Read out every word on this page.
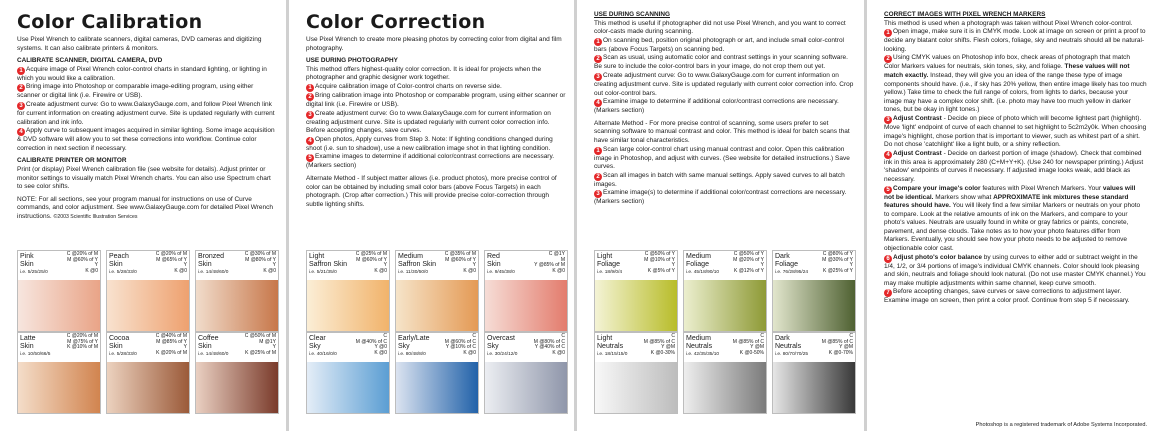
Color Calibration

Use Pixel Wrench to calibrate scanners, digital cameras, DVD cameras and digitizing systems. It can also calibrate printers & monitors.

CALIBRATE SCANNER, DIGITAL CAMERA, DVD

1 Acquire image of Pixel Wrench color-control charts in standard lighting, or lighting in which you would like a calibration.

2 Bring image into Photoshop or comparable image-editing program, using either scanner or digital link (i.e. Firewire or USB).

3 Create adjustment curve: Go to www.GalaxyGauge.com, and follow Pixel Wrench link for current information on creating adjustment curve. Site is updated regularly with current calibration and ink info.

4 Apply curve to subsequent images acquired in similar lighting. Some image acquisition & DVD software will allow you to set these corrections into workflow. Continue color correction in next section if necessary.

CALIBRATE PRINTER OR MONITOR

Print (or display) Pixel Wrench calibration file (see website for details). Adjust printer or monitor settings to visually match Pixel Wrench charts. You can also use Spectrum chart to see color shifts.

NOTE: For all sections, see your program manual for instructions on use of Curve commands, and color adjustment. See www.GalaxyGauge.com for detailed Pixel Wrench instructions. ©2003 Scientific Illustration Services

Pink
Skin
C @20% of M
M @60% of Y
Y
K @0
i.e. 5/25/25/0
Peach
Skin
C @20% of M
M @65% of Y
Y
K @0
i.e. 5/28/33/0
Bronzed
Skin
C @30% of M
M @80% of Y
Y
K @0
i.e. 14/48/60/0
Latte
Skin
C @20% of M
M @75% of Y
K @10% of M
i.e. 10/50/66/5
Cocoa
Skin
C @40% of M
M @85% of Y
Y
K @20% of M
i.e. 5/28/33/0
Coffee
Skin
C @50% of M
M @1Y
Y
K @25% of M
i.e. 14/48/60/0
Color Correction

Use Pixel Wrench to create more pleasing photos by correcting color from digital and film photography.

USE DURING PHOTOGRAPHY

This method offers highest-quality color correction. It is ideal for projects when the photographer and graphic designer work together.

1 Acquire calibration image of Color-control charts on reverse side.

2 Bring calibration image into Photoshop or comparable program, using either scanner or digital link (i.e. Firewire or USB).

3 Create adjustment curve: Go to www.GalaxyGauge.com for current information on creating adjustment curve. Site is updated regularly with current color correction info. Before accepting changes, save curves.

4 Open photos, Apply curves from Step 3. Note: If lighting conditions changed during shoot (i.e. sun to shadow), use a new calibration image shot in that lighting condition.

5 Examine images to determine if additional color/contrast corrections are necessary. (Markers section)

Alternate Method - If subject matter allows (i.e. product photos), more precise control of color can be obtained by including small color bars (above Focus Targets) in each photograph. (Crop after correction.) This will provide precise color-correction through subtle lighting shifts.

Light
Saffron Skin
C @25% of M
M @60% of Y
Y
K @0
i.e. 5/21/35/0
Medium
Saffron Skin
C @35% of M
M @60% of Y
Y
K @0
i.e. 11/30/50/0
Red
Skin
C @1Y
M
Y @85% of M
K @0
i.e. 9/45/38/0
Clear
Sky
C
M @40% of C
Y @0
K @0
i.e. 40/16/0/0
Early/Late
Sky
C
M @60% of C
Y @10% of C
K @0
i.e. 80/48/8/0
Overcast
Sky
C
M @80% of C
Y @40% of C
K @0
i.e. 30/24/12/0
USE DURING SCANNING

This method is useful if photographer did not use Pixel Wrench, and you want to correct color-casts made during scanning.

1 On scanning bed, position original photograph or art, and include small color-control bars (above Focus Targets) on scanning bed.

2 Scan as usual, using automatic color and contrast settings in your scanning software. Be sure to include the color-control bars in your image, do not crop them out yet.

3 Create adjustment curve: Go to www.GalaxyGauge.com for current information on creating adjustment curve. Site is updated regularly with current color correction info. Crop out color-control bars.

4 Examine image to determine if additional color/contrast corrections are necessary. (Markers section)

Alternate Method - For more precise control of scanning, some users prefer to set scanning software to manual contrast and color. This method is ideal for batch scans that have similar tonal characteristics.

1 Scan large color-control chart using manual contrast and color. Open this calibration image in Photoshop, and adjust with curves. (See website for detailed instructions.) Save curves.

2 Scan all images in batch with same manual settings. Apply saved curves to all batch images.

3 Examine image(s) to determine if additional color/contrast corrections are necessary. (Markers section)

Light
Foliage
C @50% of Y
M @10% of Y
Y
K @5% of Y
i.e. 18/9/0/4
Medium
Foliage
C @50% of Y
M @20% of Y
Y
K @12% of Y
i.e. 45/18/90/10
Dark
Foliage
C @80% of Y
M @30% of Y
Y
K @25% of Y
i.e. 76/28/95/24
Light
Neutrals
C
M @85% of C
Y @M
K @0-30%
i.e. 18/15/15/0
Medium
Neutrals
C
M @85% of C
Y @M
K @0-50%
i.e. 42/35/35/10
Dark
Neutrals
C
M @85% of C
Y @M
K @0-70%
i.e. 80/70/70/25
CORRECT IMAGES WITH PIXEL WRENCH MARKERS

This method is used when a photograph was taken without Pixel Wrench color-control.

1 Open image, make sure it is in CMYK mode. Look at image on screen or print a proof to decide any blatant color shifts. Flesh colors, foliage, sky and neutrals should all be natural-looking.

2 Using CMYK values on Photoshop info box, check areas of photograph that match Color Markers values for neutrals, skin tones, sky, and foliage. These values will not match exactly. Instead, they will give you an idea of the range these type of image components should have. (i.e., if sky has 20% yellow, then entire image likely has too much yellow.) Take time to check the full range of colors, from lights to darks, because your image may have a complex color shift. (i.e. photo may have too much yellow in darker tones, but be okay in light tones.)

3 Adjust Contrast - Decide on piece of photo which will become lightest part (highlight). Move 'light' endpoint of curve of each channel to set highlight to 5c2m2y0k. When choosing image's highlight, chose portion that is important to viewer, such as whitest part of a shirt. Do not chose 'catchlight' like a light bulb, or a shiny reflection.

4 Adjust Contrast - Decide on darkest portion of image (shadow). Check that combined ink in this area is approximately 280 (C+M+Y+K). (Use 240 for newspaper printing.) Adjust 'shadow' endpoints of curves if necessary. If adjusted image looks weak, add black as necessary.

5 Compare your image's color features with Pixel Wrench Markers. Your values will not be identical. Markers show what APPROXIMATE ink mixtures these standard features should have. You will likely find a few similar Markers or neutrals on your photo to compare. Look at the relative amounts of ink on the Markers, and compare to your photo's values. Neutrals are usually found in white or gray fabrics or paints, concrete, pavement, and dense clouds. Take notes as to how your photo features differ from Markers. Eventually, you should see how your photo needs to be adjusted to remove objectionable color cast.

6 Adjust photo's color balance by using curves to either add or subtract weight in the 1/4, 1/2, or 3/4 portions of image's individual CMYK channels. Color should look pleasing and skin, neutrals and foliage should look natural. (Do not use master CMYK channel.) You may make multiple adjustments within same channel, keep curve smooth.

7 Before accepting changes, save curves or save corrections to adjustment layer. Examine image on screen, then print a color proof. Continue from step 5 if necessary.

Photoshop is a registered trademark of Adobe Systems Incorporated.
